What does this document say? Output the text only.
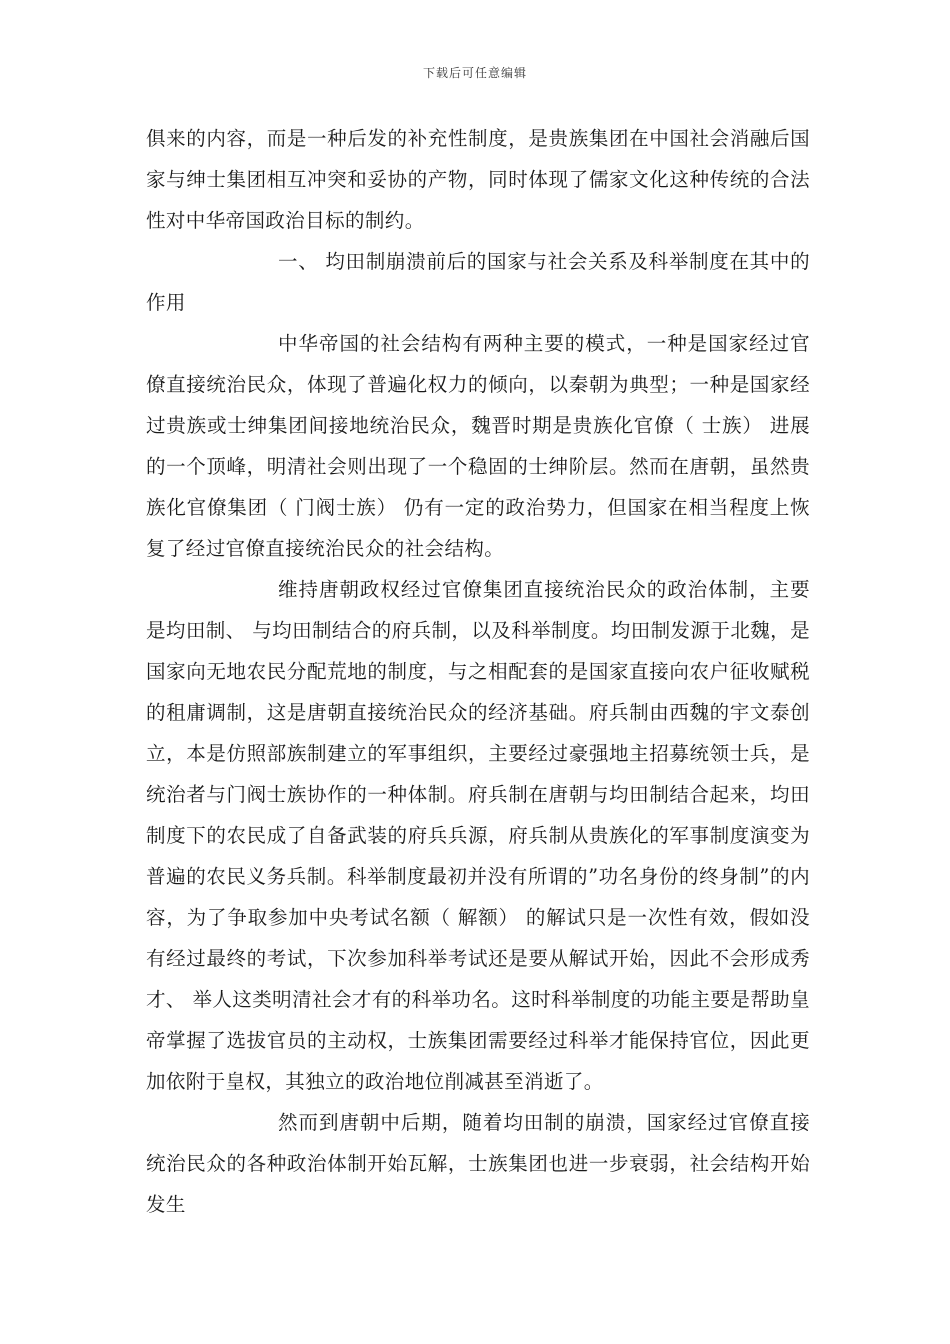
下载后可任意编辑

俱来的内容，而是一种后发的补充性制度，是贵族集团在中国社会消融后国家与绅士集团相互冲突和妥协的产物，同时体现了儒家文化这种传统的合法性对中华帝国政治目标的制约。

一、 均田制崩溃前后的国家与社会关系及科举制度在其中的作用

中华帝国的社会结构有两种主要的模式，一种是国家经过官僚直接统治民众，体现了普遍化权力的倾向，以秦朝为典型；一种是国家经过贵族或士绅集团间接地统治民众，魏晋时期是贵族化官僚（ 士族） 进展的一个顶峰，明清社会则出现了一个稳固的士绅阶层。然而在唐朝，虽然贵族化官僚集团（ 门阀士族） 仍有一定的政治势力，但国家在相当程度上恢复了经过官僚直接统治民众的社会结构。

维持唐朝政权经过官僚集团直接统治民众的政治体制，主要是均田制、 与均田制结合的府兵制，以及科举制度。均田制发源于北魏，是国家向无地农民分配荒地的制度，与之相配套的是国家直接向农户征收赋税的租庸调制，这是唐朝直接统治民众的经济基础。府兵制由西魏的宇文泰创立，本是仿照部族制建立的军事组织，主要经过豪强地主招募统领士兵，是统治者与门阀士族协作的一种体制。府兵制在唐朝与均田制结合起来，均田制度下的农民成了自备武装的府兵兵源，府兵制从贵族化的军事制度演变为普遍的农民义务兵制。科举制度最初并没有所谓的”功名身份的终身制”的内容，为了争取参加中央考试名额（ 解额） 的解试只是一次性有效，假如没有经过最终的考试，下次参加科举考试还是要从解试开始，因此不会形成秀才、 举人这类明清社会才有的科举功名。这时科举制度的功能主要是帮助皇帝掌握了选拔官员的主动权，士族集团需要经过科举才能保持官位，因此更加依附于皇权，其独立的政治地位削减甚至消逝了。

然而到唐朝中后期，随着均田制的崩溃，国家经过官僚直接统治民众的各种政治体制开始瓦解，士族集团也进一步衰弱，社会结构开始发生
